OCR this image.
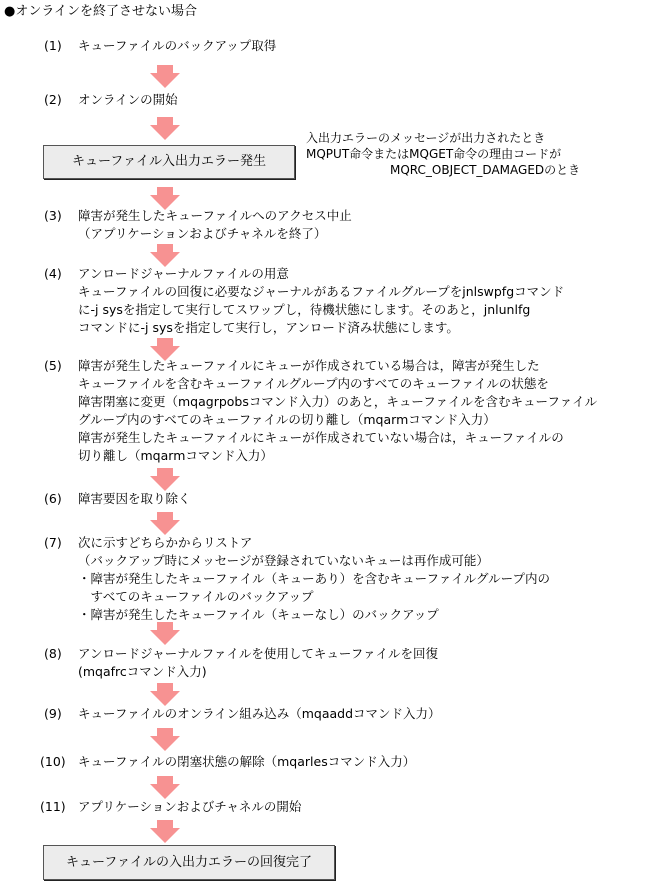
●オンラインを終了させない場合
(1) キューファイルのバックアップ取得
(2) オンラインの開始
キューファイル入出力エラー発生
入出力エラーのメッセージが出力されたとき
MQPUT命令またはMQGET命令の理由コードが
MQRC_OBJECT_DAMAGEDのとき
(3) 障害が発生したキューファイルへのアクセス中止
（アプリケーションおよびチャネルを終了）
(4) アンロードジャーナルファイルの用意
キューファイルの回復に必要なジャーナルがあるファイルグループをjnlswpfgコマンド
に-j sysを指定して実行してスワップし，待機状態にします。そのあと，jnlunlfg
コマンドに-j sysを指定して実行し，アンロード済み状態にします。
(5) 障害が発生したキューファイルにキューが作成されている場合は，障害が発生した
キューファイルを含むキューファイルグループ内のすべてのキューファイルの状態を
障害閉塞に変更（mqagrpobsコマンド入力）のあと，キューファイルを含むキューファイル
グループ内のすべてのキューファイルの切り離し（mqarmコマンド入力）
障害が発生したキューファイルにキューが作成されていない場合は，キューファイルの
切り離し（mqarmコマンド入力）
(6) 障害要因を取り除く
(7) 次に示すどちらかからリストア
（バックアップ時にメッセージが登録されていないキューは再作成可能）
・障害が発生したキューファイル（キューあり）を含むキューファイルグループ内の
　すべてのキューファイルのバックアップ
・障害が発生したキューファイル（キューなし）のバックアップ
(8) アンロードジャーナルファイルを使用してキューファイルを回復
(mqafrcコマンド入力)
(9) キューファイルのオンライン組み込み（mqaaddコマンド入力）
(10) キューファイルの閉塞状態の解除（mqarlesコマンド入力）
(11) アプリケーションおよびチャネルの開始
キューファイルの入出力エラーの回復完了
